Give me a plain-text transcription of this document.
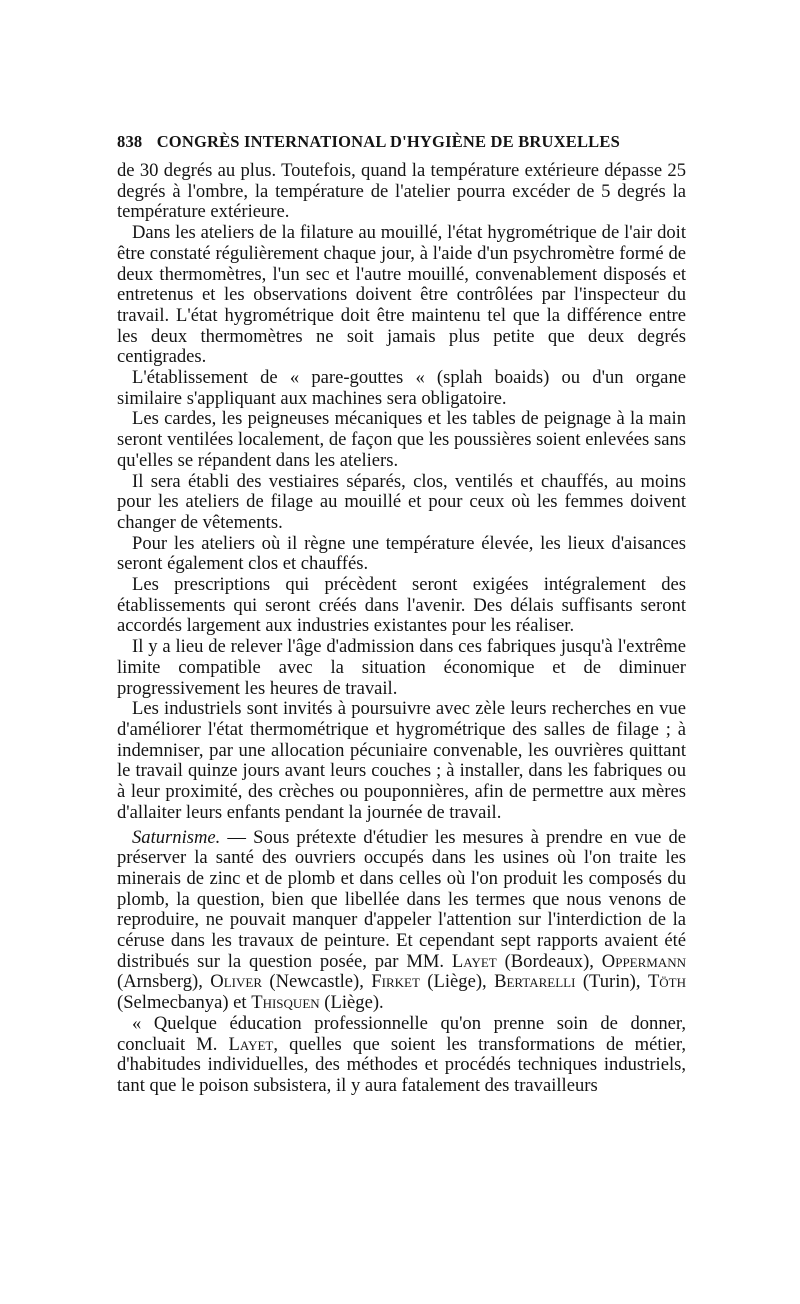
838 CONGRÈS INTERNATIONAL D'HYGIÈNE DE BRUXELLES

de 30 degrés au plus. Toutefois, quand la température extérieure dépasse 25 degrés à l'ombre, la température de l'atelier pourra excéder de 5 degrés la température extérieure.

Dans les ateliers de la filature au mouillé, l'état hygrométrique de l'air doit être constaté régulièrement chaque jour, à l'aide d'un psychromètre formé de deux thermomètres, l'un sec et l'autre mouillé, convenablement disposés et entretenus et les observations doivent être contrôlées par l'inspecteur du travail. L'état hygrométrique doit être maintenu tel que la différence entre les deux thermomètres ne soit jamais plus petite que deux degrés centigrades.

L'établissement de « pare-gouttes « (splah boaids) ou d'un organe similaire s'appliquant aux machines sera obligatoire.

Les cardes, les peigneuses mécaniques et les tables de peignage à la main seront ventilées localement, de façon que les poussières soient enlevées sans qu'elles se répandent dans les ateliers.

Il sera établi des vestiaires séparés, clos, ventilés et chauffés, au moins pour les ateliers de filage au mouillé et pour ceux où les femmes doivent changer de vêtements.

Pour les ateliers où il règne une température élevée, les lieux d'aisances seront également clos et chauffés.

Les prescriptions qui précèdent seront exigées intégralement des établissements qui seront créés dans l'avenir. Des délais suffisants seront accordés largement aux industries existantes pour les réaliser.

Il y a lieu de relever l'âge d'admission dans ces fabriques jusqu'à l'extrême limite compatible avec la situation économique et de diminuer progressivement les heures de travail.

Les industriels sont invités à poursuivre avec zèle leurs recherches en vue d'améliorer l'état thermométrique et hygrométrique des salles de filage ; à indemniser, par une allocation pécuniaire convenable, les ouvrières quittant le travail quinze jours avant leurs couches ; à installer, dans les fabriques ou à leur proximité, des crèches ou pouponnières, afin de permettre aux mères d'allaiter leurs enfants pendant la journée de travail.

Saturnisme. — Sous prétexte d'étudier les mesures à prendre en vue de préserver la santé des ouvriers occupés dans les usines où l'on traite les minerais de zinc et de plomb et dans celles où l'on produit les composés du plomb, la question, bien que libellée dans les termes que nous venons de reproduire, ne pouvait manquer d'appeler l'attention sur l'interdiction de la céruse dans les travaux de peinture. Et cependant sept rapports avaient été distribués sur la question posée, par MM. Layet (Bordeaux), Oppermann (Arnsberg), Oliver (Newcastle), Firket (Liège), Bertarelli (Turin), Töth (Selmecbanya) et Thisquen (Liège).

« Quelque éducation professionnelle qu'on prenne soin de donner, concluait M. Layet, quelles que soient les transformations de métier, d'habitudes individuelles, des méthodes et procédés techniques industriels, tant que le poison subsistera, il y aura fatalement des travailleurs
